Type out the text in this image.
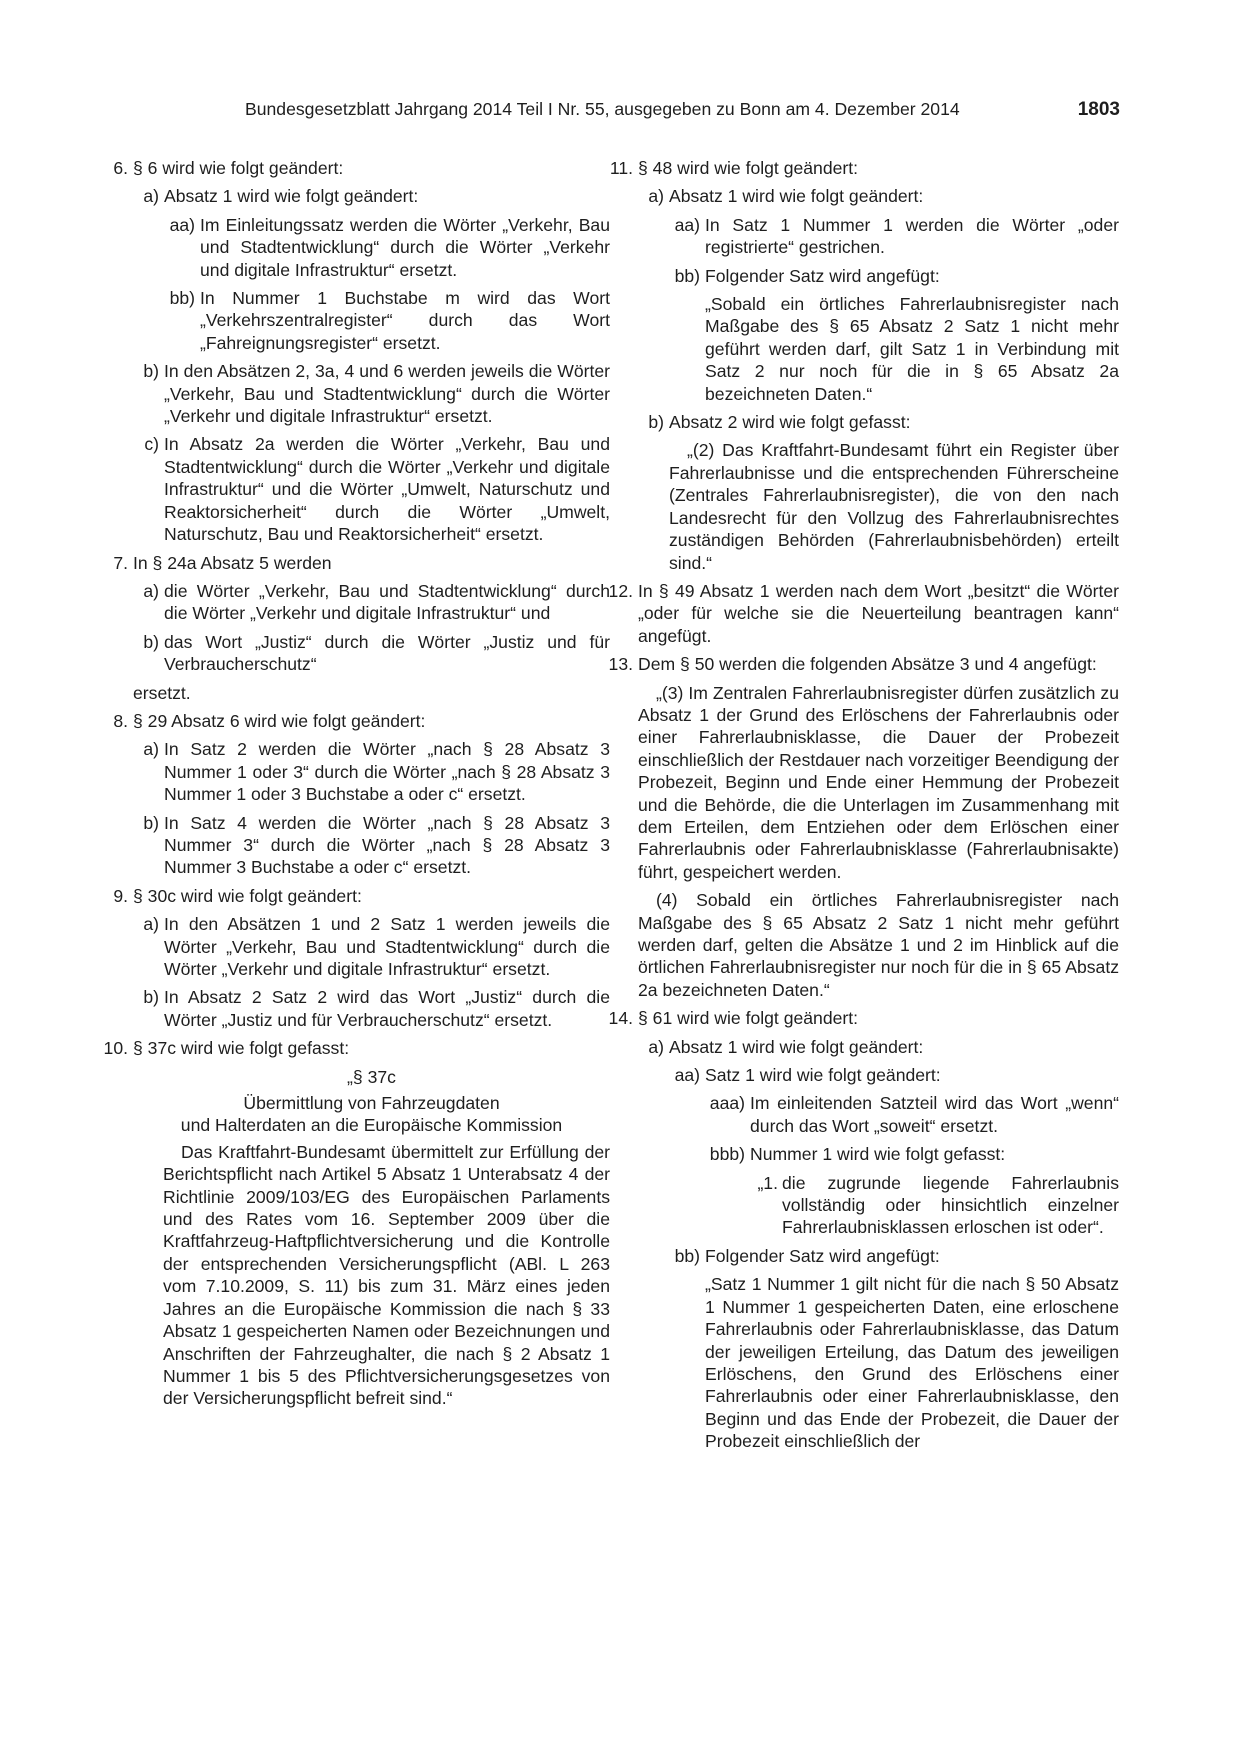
Bundesgesetzblatt Jahrgang 2014 Teil I Nr. 55, ausgegeben zu Bonn am 4. Dezember 2014	1803
6. § 6 wird wie folgt geändert:
a) Absatz 1 wird wie folgt geändert:
aa) Im Einleitungssatz werden die Wörter „Verkehr, Bau und Stadtentwicklung“ durch die Wörter „Verkehr und digitale Infrastruktur“ ersetzt.
bb) In Nummer 1 Buchstabe m wird das Wort „Verkehrszentralregister“ durch das Wort „Fahreignungsregister“ ersetzt.
b) In den Absätzen 2, 3a, 4 und 6 werden jeweils die Wörter „Verkehr, Bau und Stadtentwicklung“ durch die Wörter „Verkehr und digitale Infrastruktur“ ersetzt.
c) In Absatz 2a werden die Wörter „Verkehr, Bau und Stadtentwicklung“ durch die Wörter „Verkehr und digitale Infrastruktur“ und die Wörter „Umwelt, Naturschutz und Reaktorsicherheit“ durch die Wörter „Umwelt, Naturschutz, Bau und Reaktorsicherheit“ ersetzt.
7. In § 24a Absatz 5 werden
a) die Wörter „Verkehr, Bau und Stadtentwicklung“ durch die Wörter „Verkehr und digitale Infrastruktur“ und
b) das Wort „Justiz“ durch die Wörter „Justiz und für Verbraucherschutz“
ersetzt.
8. § 29 Absatz 6 wird wie folgt geändert:
a) In Satz 2 werden die Wörter „nach § 28 Absatz 3 Nummer 1 oder 3“ durch die Wörter „nach § 28 Absatz 3 Nummer 1 oder 3 Buchstabe a oder c“ ersetzt.
b) In Satz 4 werden die Wörter „nach § 28 Absatz 3 Nummer 3“ durch die Wörter „nach § 28 Absatz 3 Nummer 3 Buchstabe a oder c“ ersetzt.
9. § 30c wird wie folgt geändert:
a) In den Absätzen 1 und 2 Satz 1 werden jeweils die Wörter „Verkehr, Bau und Stadtentwicklung“ durch die Wörter „Verkehr und digitale Infrastruktur“ ersetzt.
b) In Absatz 2 Satz 2 wird das Wort „Justiz“ durch die Wörter „Justiz und für Verbraucherschutz“ ersetzt.
10. § 37c wird wie folgt gefasst:
„§ 37c
Übermittlung von Fahrzeugdaten
und Halterdaten an die Europäische Kommission
Das Kraftfahrt-Bundesamt übermittelt zur Erfüllung der Berichtspflicht nach Artikel 5 Absatz 1 Unterabsatz 4 der Richtlinie 2009/103/EG des Europäischen Parlaments und des Rates vom 16. September 2009 über die Kraftfahrzeug-Haftpflichtversicherung und die Kontrolle der entsprechenden Versicherungspflicht (ABl. L 263 vom 7.10.2009, S. 11) bis zum 31. März eines jeden Jahres an die Europäische Kommission die nach § 33 Absatz 1 gespeicherten Namen oder Bezeichnungen und Anschriften der Fahrzeughalter, die nach § 2 Absatz 1 Nummer 1 bis 5 des Pflichtversicherungsgesetzes von der Versicherungspflicht befreit sind.“
11. § 48 wird wie folgt geändert:
a) Absatz 1 wird wie folgt geändert:
aa) In Satz 1 Nummer 1 werden die Wörter „oder registrierte“ gestrichen.
bb) Folgender Satz wird angefügt:
„Sobald ein örtliches Fahrerlaubnisregister nach Maßgabe des § 65 Absatz 2 Satz 1 nicht mehr geführt werden darf, gilt Satz 1 in Verbindung mit Satz 2 nur noch für die in § 65 Absatz 2a bezeichneten Daten.“
b) Absatz 2 wird wie folgt gefasst:
„(2) Das Kraftfahrt-Bundesamt führt ein Register über Fahrerlaubnisse und die entsprechenden Führerscheine (Zentrales Fahrerlaubnisregister), die von den nach Landesrecht für den Vollzug des Fahrerlaubnisrechtes zuständigen Behörden (Fahrerlaubnisbehörden) erteilt sind.“
12. In § 49 Absatz 1 werden nach dem Wort „besitzt“ die Wörter „oder für welche sie die Neuerteilung beantragen kann“ angefügt.
13. Dem § 50 werden die folgenden Absätze 3 und 4 angefügt:
„(3) Im Zentralen Fahrerlaubnisregister dürfen zusätzlich zu Absatz 1 der Grund des Erlöschens der Fahrerlaubnis oder einer Fahrerlaubnisklasse, die Dauer der Probezeit einschließlich der Restdauer nach vorzeitiger Beendigung der Probezeit, Beginn und Ende einer Hemmung der Probezeit und die Behörde, die die Unterlagen im Zusammenhang mit dem Erteilen, dem Entziehen oder dem Erlöschen einer Fahrerlaubnis oder Fahrerlaubnisklasse (Fahrerlaubnisakte) führt, gespeichert werden.
(4) Sobald ein örtliches Fahrerlaubnisregister nach Maßgabe des § 65 Absatz 2 Satz 1 nicht mehr geführt werden darf, gelten die Absätze 1 und 2 im Hinblick auf die örtlichen Fahrerlaubnisregister nur noch für die in § 65 Absatz 2a bezeichneten Daten.“
14. § 61 wird wie folgt geändert:
a) Absatz 1 wird wie folgt geändert:
aa) Satz 1 wird wie folgt geändert:
aaa) Im einleitenden Satzteil wird das Wort „wenn“ durch das Wort „soweit“ ersetzt.
bbb) Nummer 1 wird wie folgt gefasst:
„1. die zugrunde liegende Fahrerlaubnis vollständig oder hinsichtlich einzelner Fahrerlaubnisklassen erloschen ist oder“.
bb) Folgender Satz wird angefügt:
„Satz 1 Nummer 1 gilt nicht für die nach § 50 Absatz 1 Nummer 1 gespeicherten Daten, eine erloschene Fahrerlaubnis oder Fahrerlaubnisklasse, das Datum der jeweiligen Erteilung, das Datum des jeweiligen Erlöschens, den Grund des Erlöschens einer Fahrerlaubnis oder einer Fahrerlaubnisklasse, den Beginn und das Ende der Probezeit, die Dauer der Probezeit einschließlich der
